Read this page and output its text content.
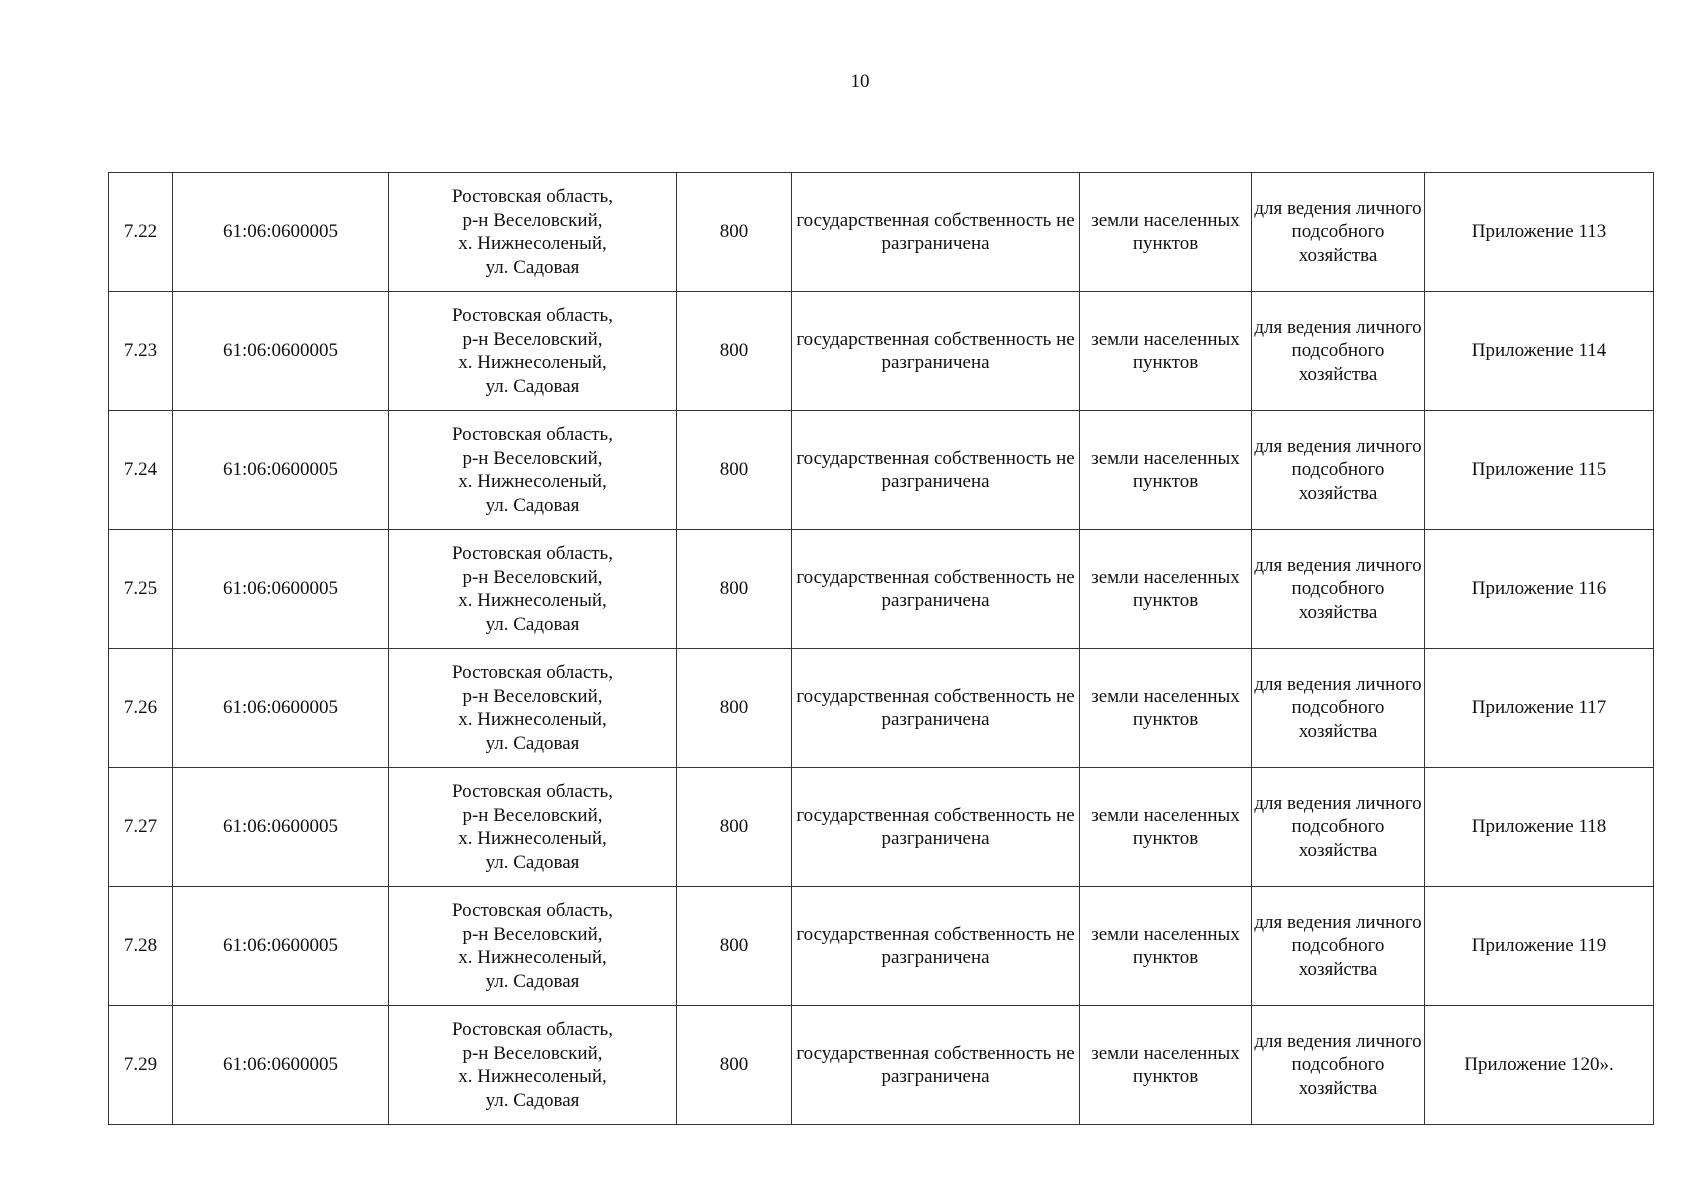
10
7.22	61:06:0600005	Ростовская область,
р-н Веселовский,
х. Нижнесоленый,
ул. Садовая	800	государственная собственность не разграничена	земли населенных пунктов	для ведения личного подсобного хозяйства	Приложение 113
7.23	61:06:0600005	Ростовская область,
р-н Веселовский,
х. Нижнесоленый,
ул. Садовая	800	государственная собственность не разграничена	земли населенных пунктов	для ведения личного подсобного хозяйства	Приложение 114
7.24	61:06:0600005	Ростовская область,
р-н Веселовский,
х. Нижнесоленый,
ул. Садовая	800	государственная собственность не разграничена	земли населенных пунктов	для ведения личного подсобного хозяйства	Приложение 115
7.25	61:06:0600005	Ростовская область,
р-н Веселовский,
х. Нижнесоленый,
ул. Садовая	800	государственная собственность не разграничена	земли населенных пунктов	для ведения личного подсобного хозяйства	Приложение 116
7.26	61:06:0600005	Ростовская область,
р-н Веселовский,
х. Нижнесоленый,
ул. Садовая	800	государственная собственность не разграничена	земли населенных пунктов	для ведения личного подсобного хозяйства	Приложение 117
7.27	61:06:0600005	Ростовская область,
р-н Веселовский,
х. Нижнесоленый,
ул. Садовая	800	государственная собственность не разграничена	земли населенных пунктов	для ведения личного подсобного хозяйства	Приложение 118
7.28	61:06:0600005	Ростовская область,
р-н Веселовский,
х. Нижнесоленый,
ул. Садовая	800	государственная собственность не разграничена	земли населенных пунктов	для ведения личного подсобного хозяйства	Приложение 119
7.29	61:06:0600005	Ростовская область,
р-н Веселовский,
х. Нижнесоленый,
ул. Садовая	800	государственная собственность не разграничена	земли населенных пунктов	для ведения личного подсобного хозяйства	Приложение 120».
